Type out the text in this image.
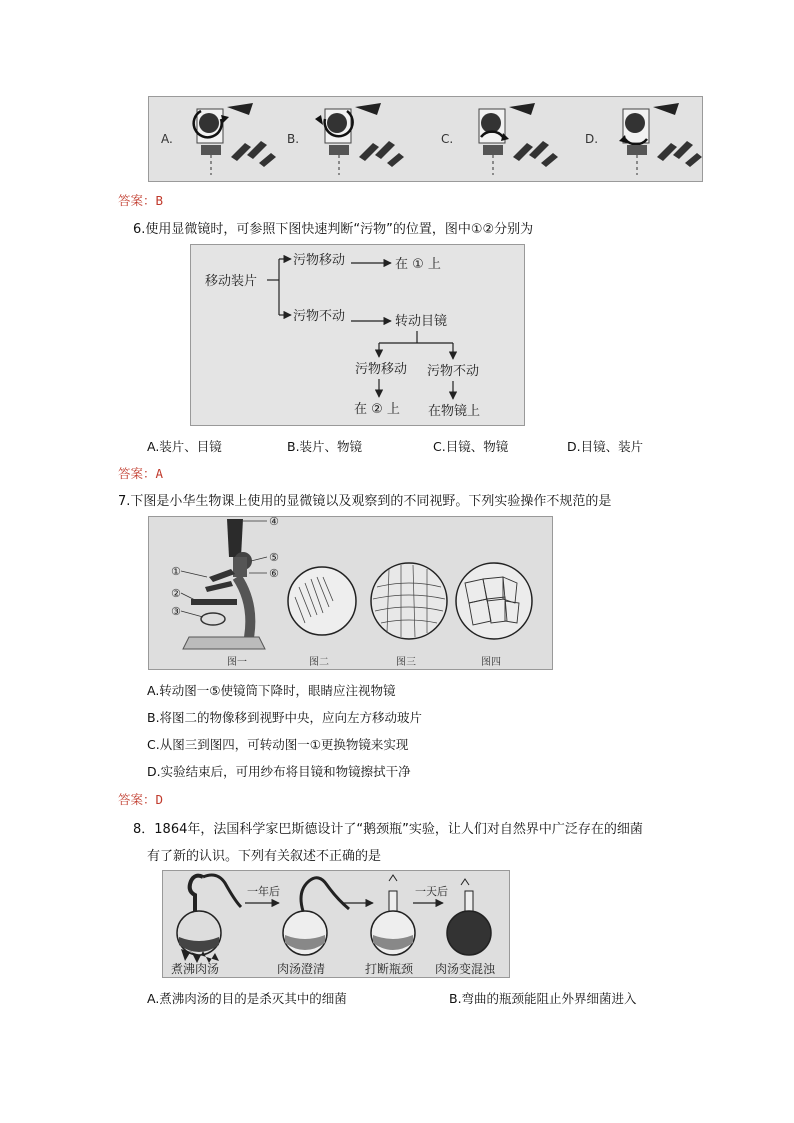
A.	B.	C.	D.
答案：B
6.使用显微镜时，可参照下图快速判断“污物”的位置，图中①②分别为
移动装片
污物移动	在 ① 上
污物不动	转动目镜
污物移动 污物不动
在 ② 上 在物镜上
A.装片、目镜	B.装片、物镜	C.目镜、物镜	D.目镜、装片
答案：A
7.下图是小华生物课上使用的显微镜以及观察到的不同视野。下列实验操作不规范的是
①
②
③
④
⑤
⑥
图一	图二	图三	图四
A.转动图一⑤使镜筒下降时，眼睛应注视物镜
B.将图二的物像移到视野中央，应向左方移动玻片
C.从图三到图四，可转动图一①更换物镜来实现
D.实验结束后，可用纱布将目镜和物镜擦拭干净
答案：D
8．1864年，法国科学家巴斯德设计了“鹅颈瓶”实验，让人们对自然界中广泛存在的细菌
有了新的认识。下列有关叙述不正确的是
一年后	一天后
煮沸肉汤	肉汤澄清	打断瓶颈 肉汤变混浊
A.煮沸肉汤的目的是杀灭其中的细菌	B.弯曲的瓶颈能阻止外界细菌进入
